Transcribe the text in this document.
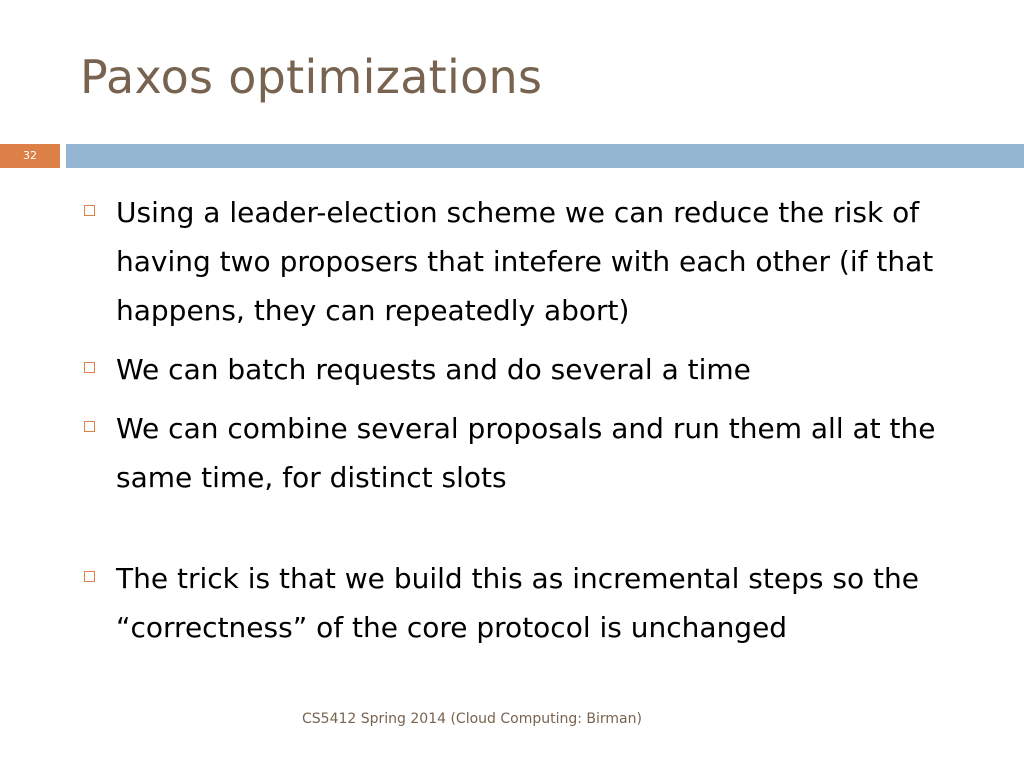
Paxos optimizations
32
Using a leader-election scheme we can reduce the risk of having two proposers that intefere with each other (if that happens, they can repeatedly abort)
We can batch requests and do several a time
We can combine several proposals and run them all at the same time, for distinct slots
The trick is that we build this as incremental steps so the “correctness” of the core protocol is unchanged
CS5412 Spring 2014 (Cloud Computing: Birman)
